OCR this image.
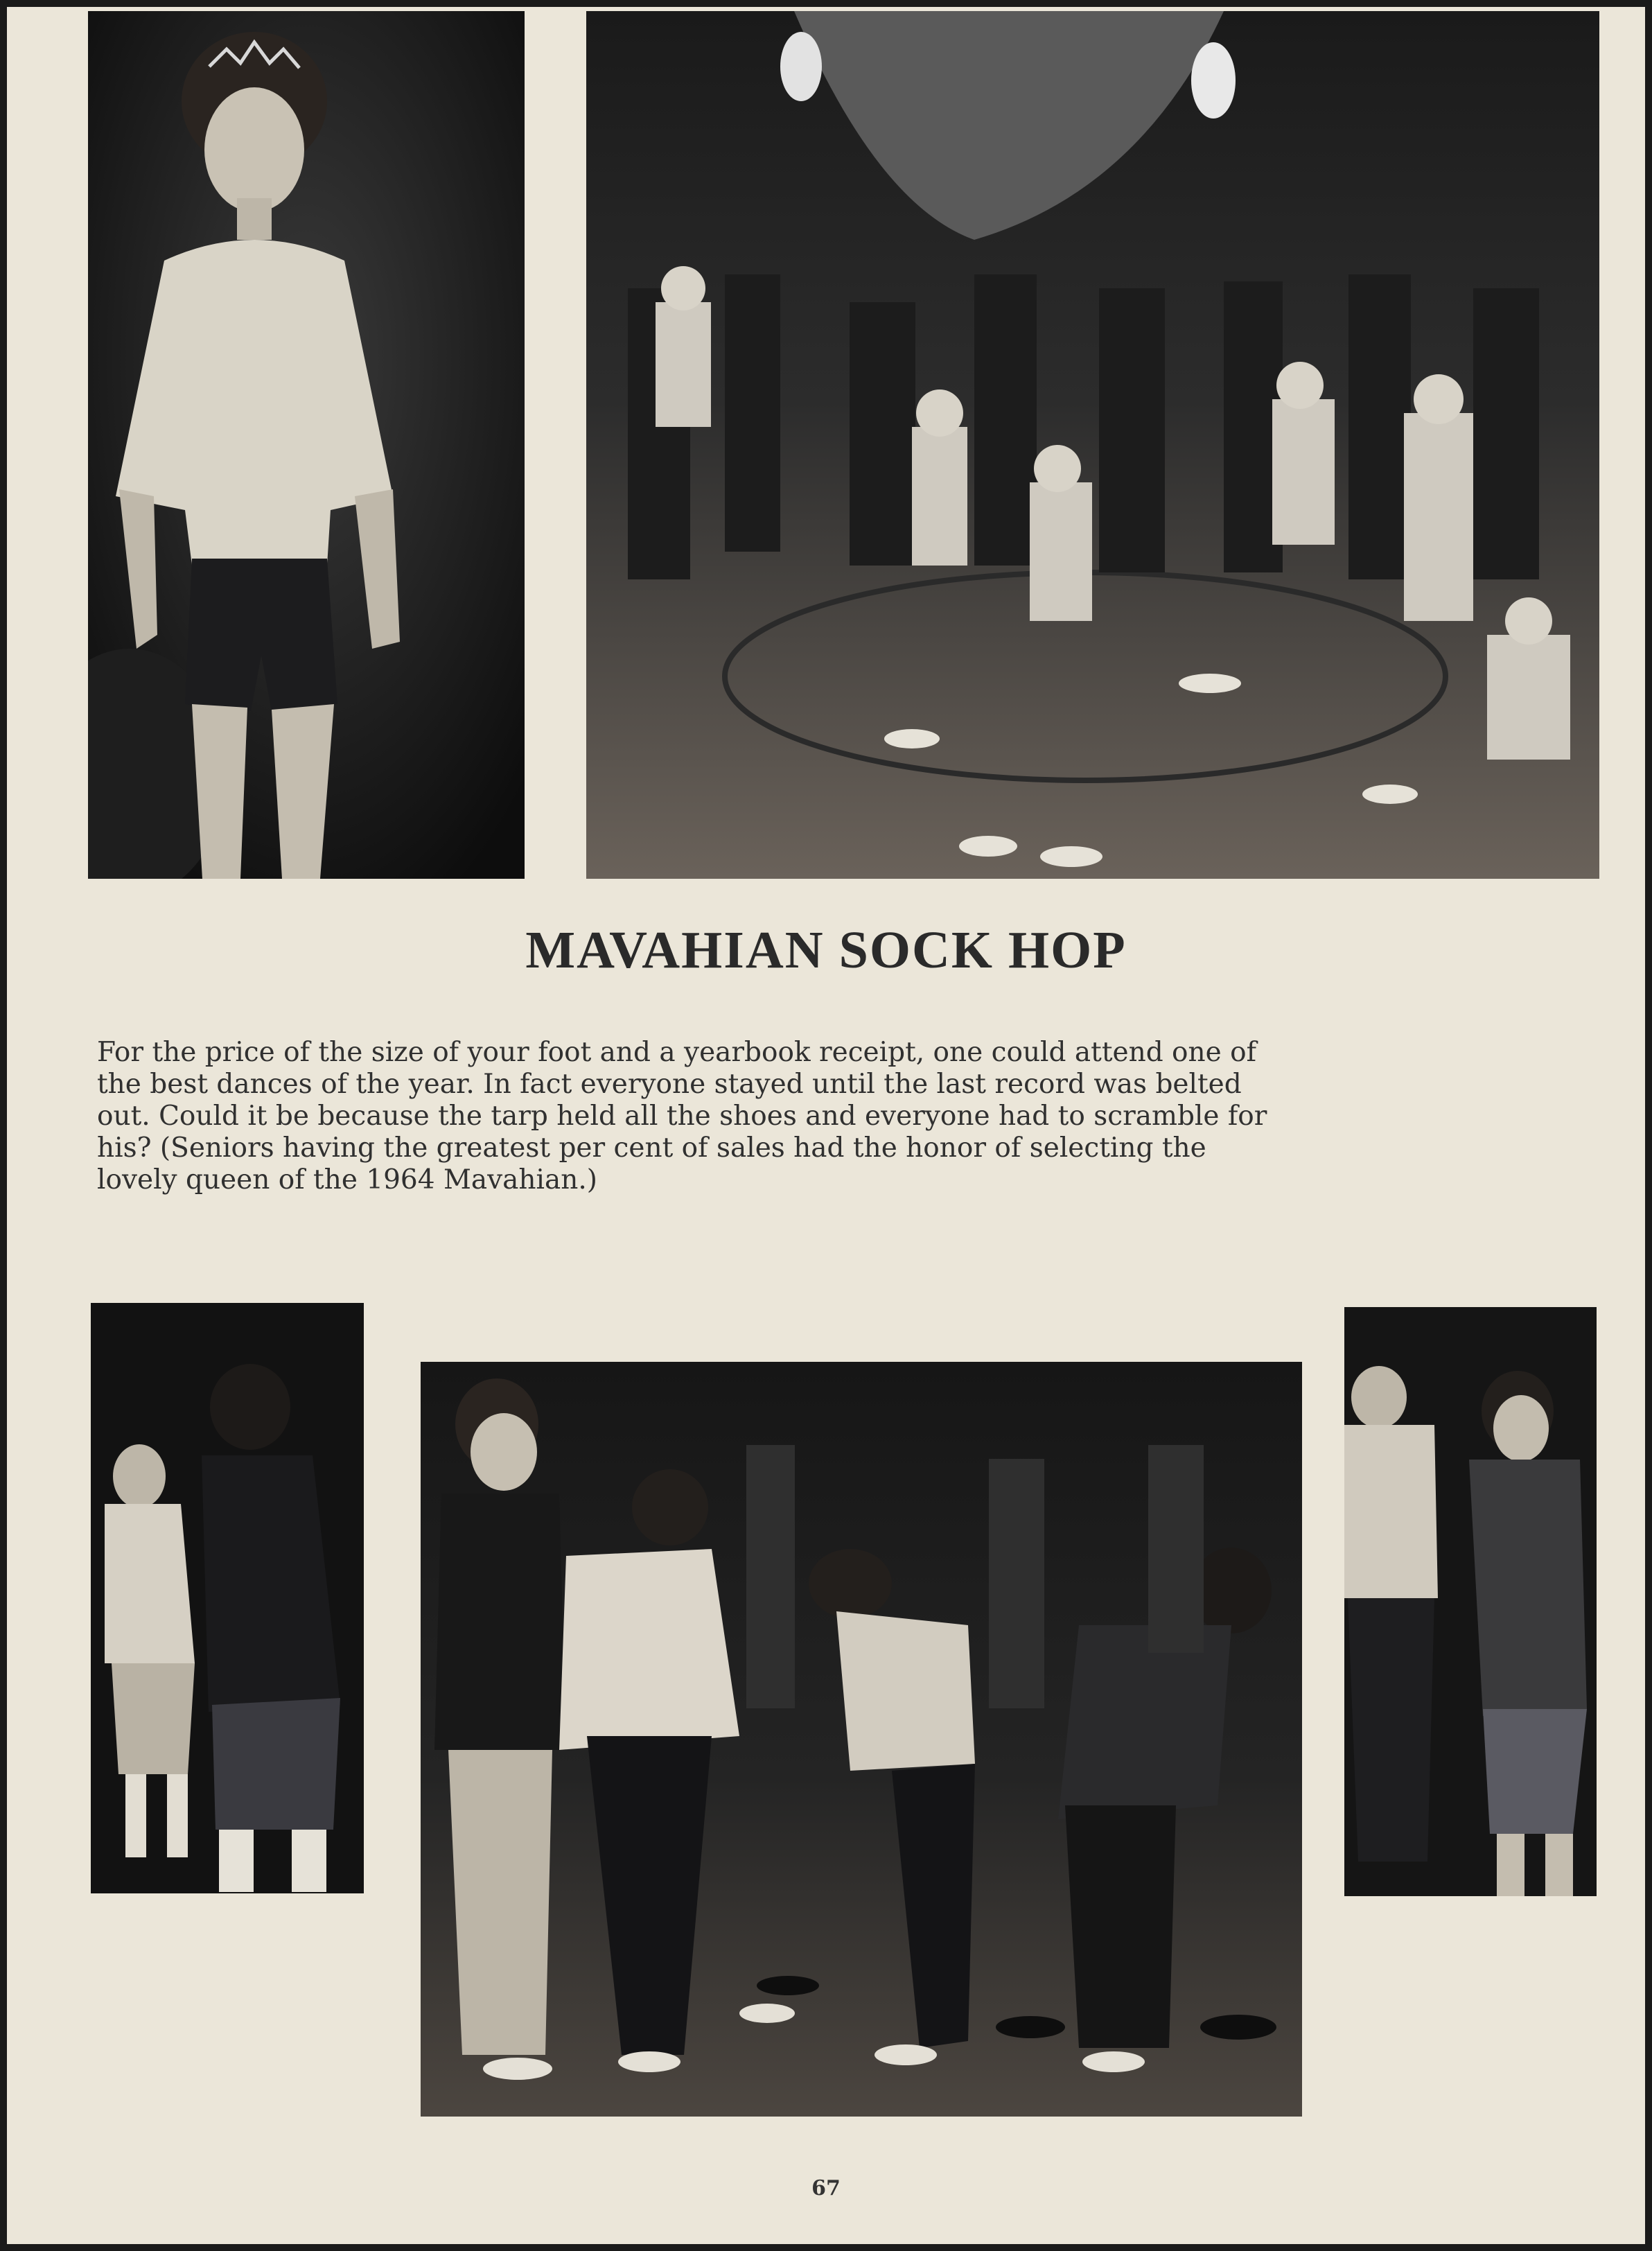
MAVAHIAN SOCK HOP

For the price of the size of your foot and a yearbook receipt, one could attend one of
the best dances of the year. In fact everyone stayed until the last record was belted
out. Could it be because the tarp held all the shoes and everyone had to scramble for
his? (Seniors having the greatest per cent of sales had the honor of selecting the
lovely queen of the 1964 Mavahian.)

67
